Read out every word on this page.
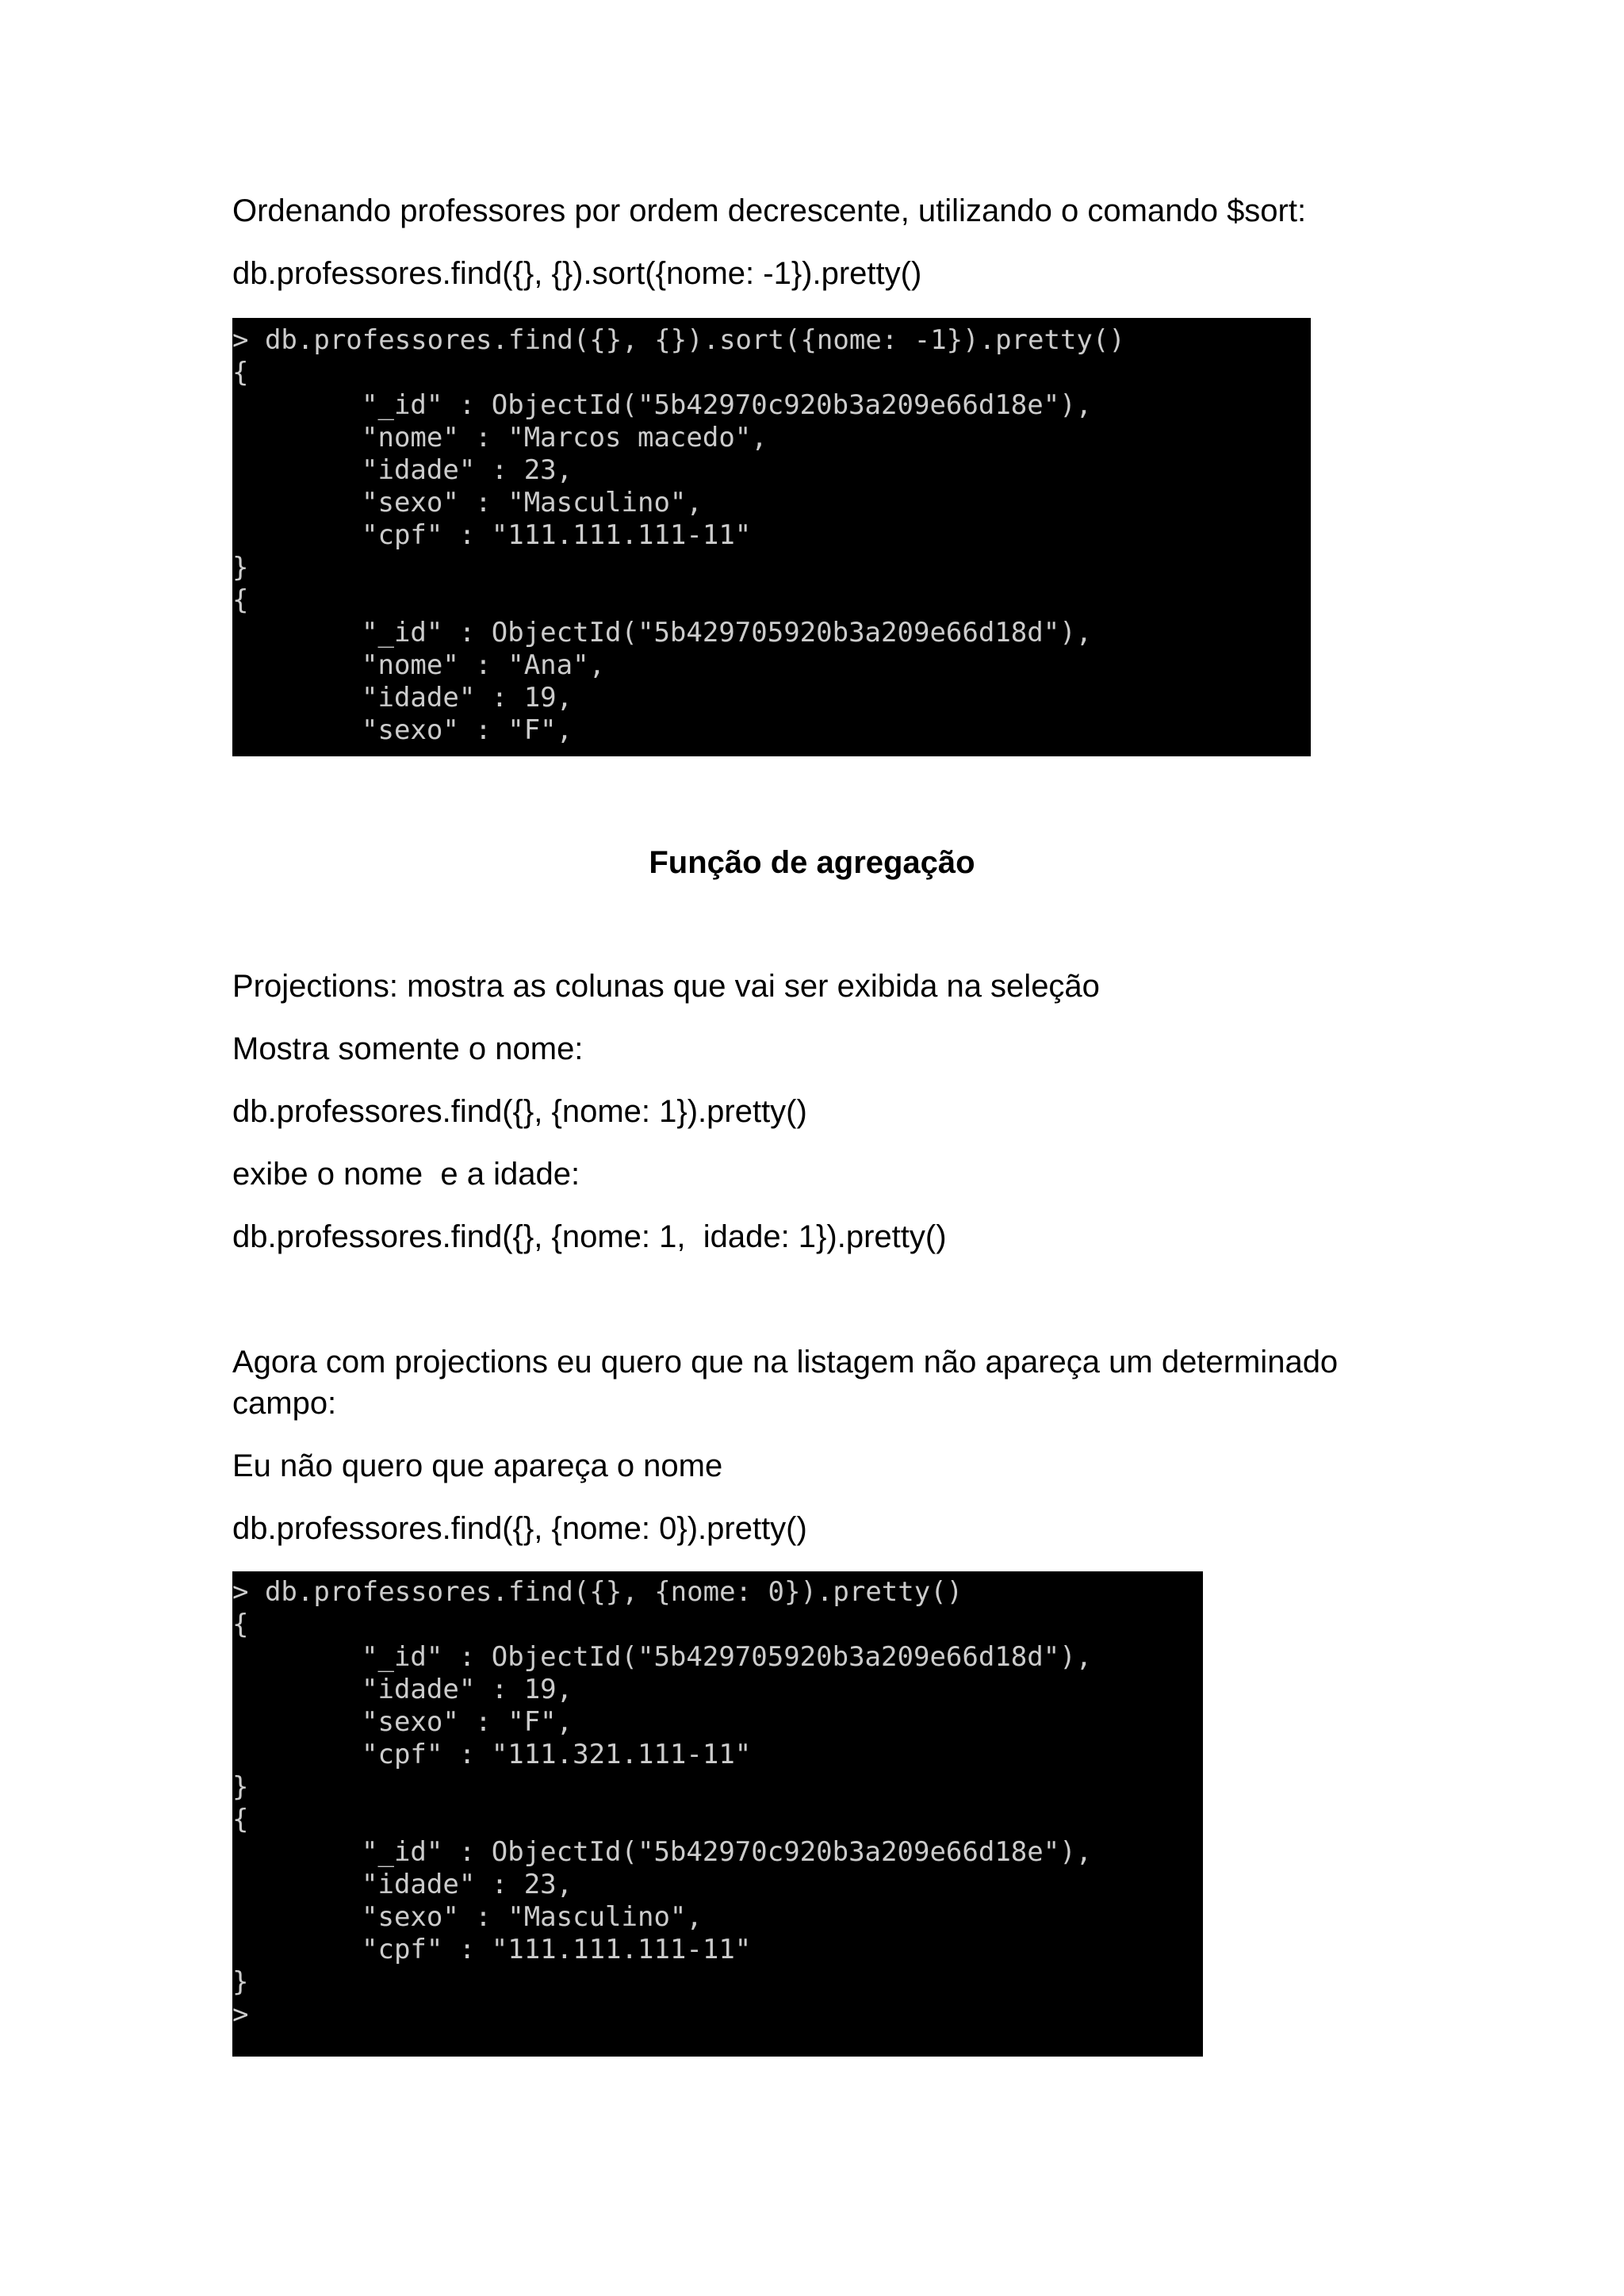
Ordenando professores por ordem decrescente, utilizando o comando $sort:

db.professores.find({}, {}).sort({nome: -1}).pretty()

> db.professores.find({}, {}).sort({nome: -1}).pretty()

{

"_id" : ObjectId("5b42970c920b3a209e66d18e"),

"nome" : "Marcos macedo",

"idade" : 23,

"sexo" : "Masculino",

"cpf" : "111.111.111-11"

}

{

"_id" : ObjectId("5b429705920b3a209e66d18d"),

"nome" : "Ana",

"idade" : 19,

"sexo" : "F",

Função de agregação

Projections: mostra as colunas que vai ser exibida na seleção

Mostra somente o nome:

db.professores.find({}, {nome: 1}).pretty()

exibe o nome  e a idade:

db.professores.find({}, {nome: 1,  idade: 1}).pretty()

Agora com projections eu quero que na listagem não apareça um determinado campo:

Eu não quero que apareça o nome

db.professores.find({}, {nome: 0}).pretty()

> db.professores.find({}, {nome: 0}).pretty()

{

"_id" : ObjectId("5b429705920b3a209e66d18d"),

"idade" : 19,

"sexo" : "F",

"cpf" : "111.321.111-11"

}

{

"_id" : ObjectId("5b42970c920b3a209e66d18e"),

"idade" : 23,

"sexo" : "Masculino",

"cpf" : "111.111.111-11"

}

>
